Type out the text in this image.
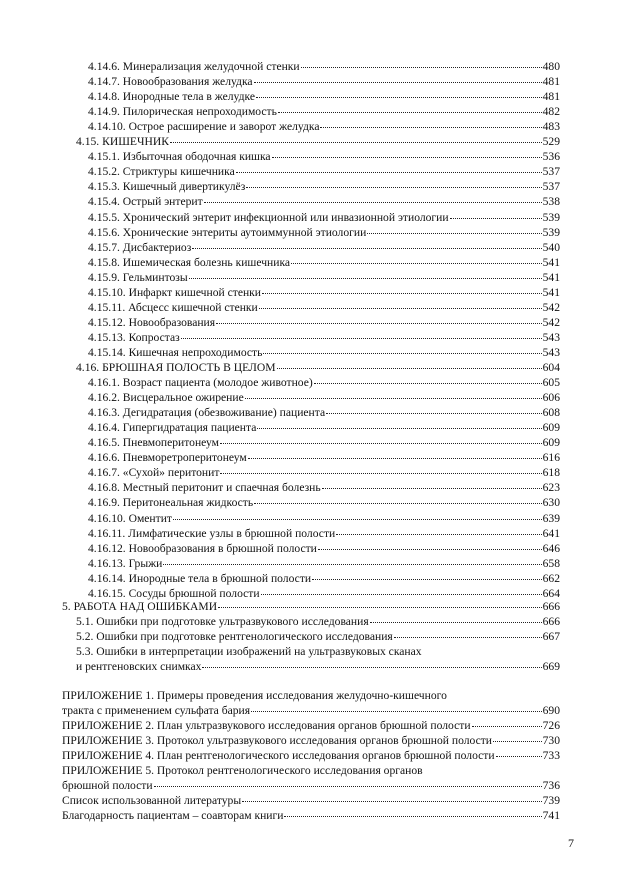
5. РАБОТА НАД ОШИБКАМИ	666
5.1. Ошибки при подготовке ультразвукового исследования	666
5.2. Ошибки при подготовке рентгенологического исследования	667
5.3. Ошибки в интерпретации изображений на ультразвуковых сканах
и рентгеновских снимках	669
ПРИЛОЖЕНИЕ 1. Примеры проведения исследования желудочно-кишечного
тракта с применением сульфата бария	690
ПРИЛОЖЕНИЕ 2. План ультразвукового исследования органов брюшной полости	726
ПРИЛОЖЕНИЕ 3. Протокол ультразвукового исследования органов брюшной полости	730
ПРИЛОЖЕНИЕ 4. План рентгенологического исследования органов брюшной полости	733
ПРИЛОЖЕНИЕ 5. Протокол рентгенологического исследования органов
брюшной полости	736
Список использованной литературы	739
Благодарность пациентам – соавторам книги	741
7
4.14.6. Минерализация желудочной стенки	480
4.14.7. Новообразования желудка	481
4.14.8. Инородные тела в желудке	481
4.14.9. Пилорическая непроходимость	482
4.14.10. Острое расширение и заворот желудка	483
4.15. КИШЕЧНИК	529
4.15.1. Избыточная ободочная кишка	536
4.15.2. Стриктуры кишечника	537
4.15.3. Кишечный дивертикулёз	537
4.15.4. Острый энтерит	538
4.15.5. Хронический энтерит инфекционной или инвазионной этиологии	539
4.15.6. Хронические энтериты аутоиммунной этиологии	539
4.15.7. Дисбактериоз	540
4.15.8. Ишемическая болезнь кишечника	541
4.15.9. Гельминтозы	541
4.15.10. Инфаркт кишечной стенки	541
4.15.11. Абсцесс кишечной стенки	542
4.15.12. Новообразования	542
4.15.13. Копростаз	543
4.15.14. Кишечная непроходимость	543
4.16. БРЮШНАЯ ПОЛОСТЬ В ЦЕЛОМ	604
4.16.1. Возраст пациента (молодое животное)	605
4.16.2. Висцеральное ожирение	606
4.16.3. Дегидратация (обезвоживание) пациента	608
4.16.4. Гипергидратация пациента	609
4.16.5. Пневмоперитонеум	609
4.16.6. Пневморетроперитонеум	616
4.16.7. «Сухой» перитонит	618
4.16.8. Местный перитонит и спаечная болезнь	623
4.16.9. Перитонеальная жидкость	630
4.16.10. Оментит	639
4.16.11. Лимфатические узлы в брюшной полости	641
4.16.12. Новообразования в брюшной полости	646
4.16.13. Грыжи	658
4.16.14. Инородные тела в брюшной полости	662
4.16.15. Сосуды брюшной полости	664
